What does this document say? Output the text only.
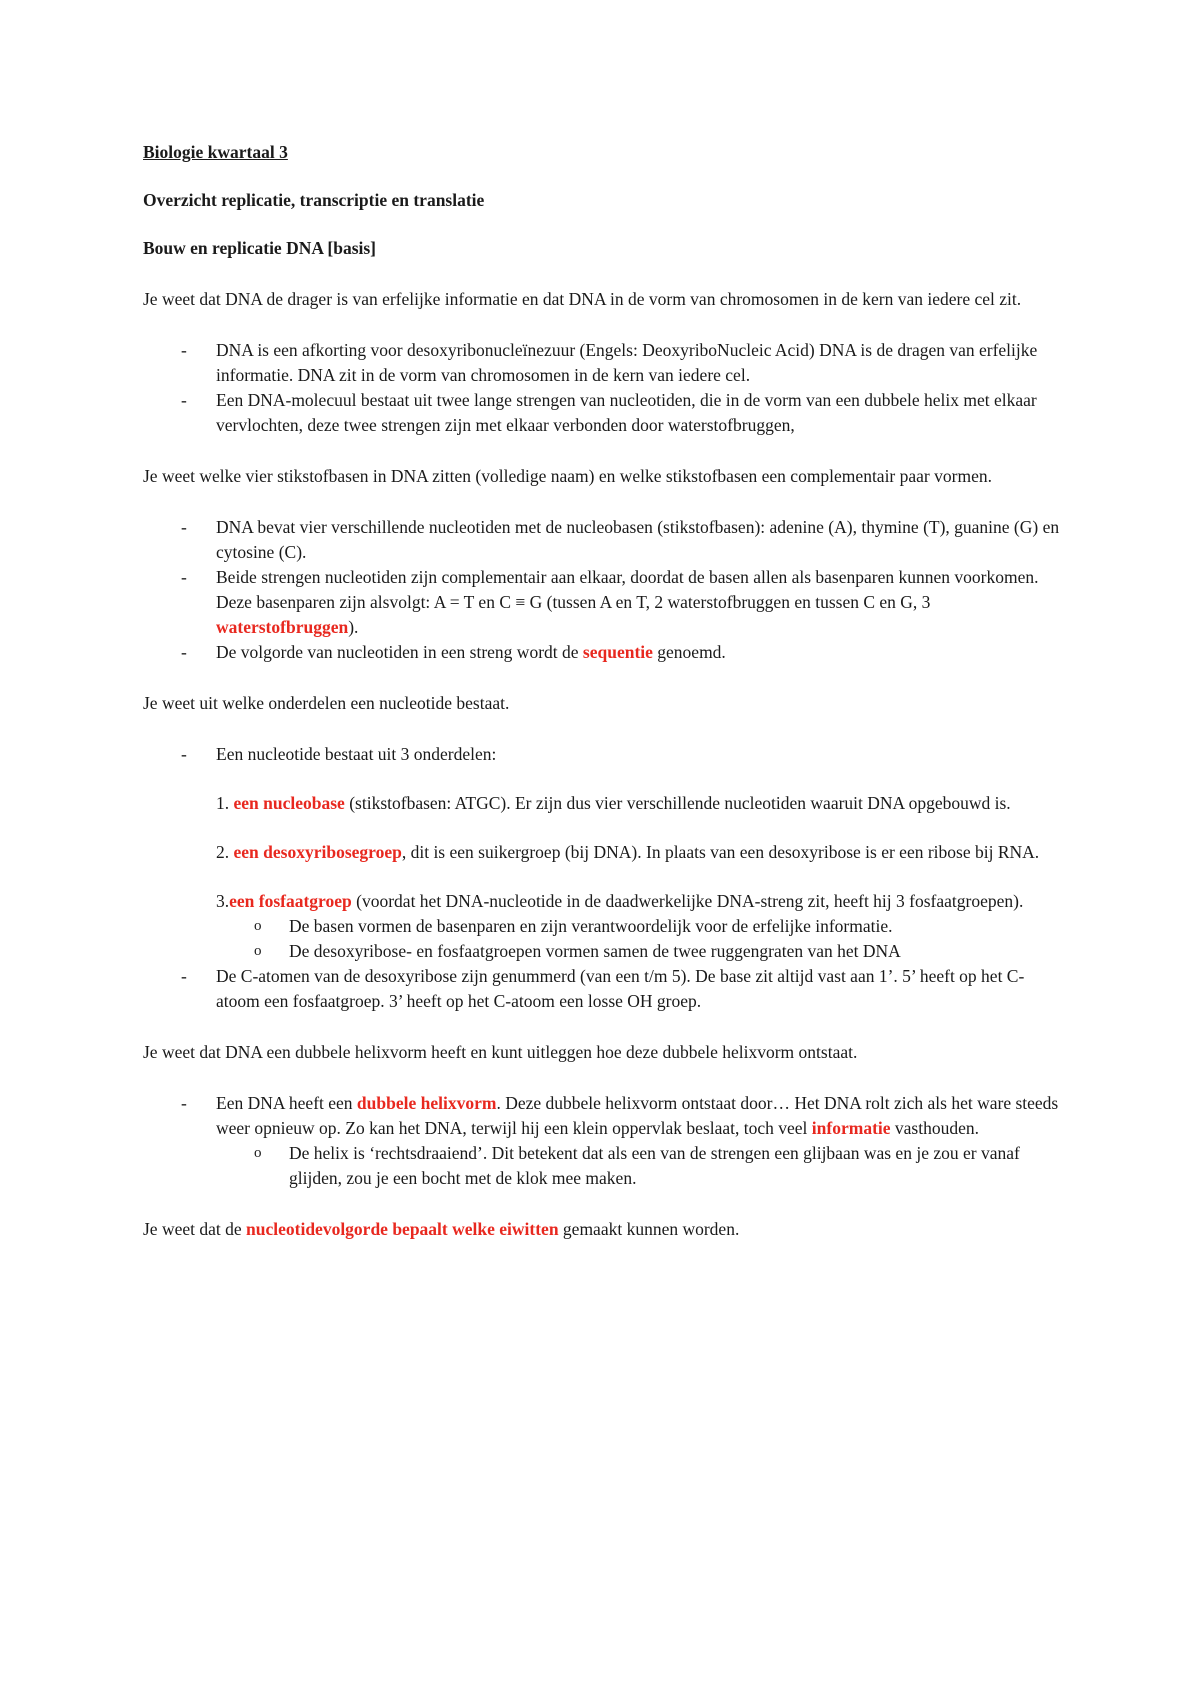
Biologie kwartaal 3

Overzicht replicatie, transcriptie en translatie

Bouw en replicatie DNA [basis]

Je weet dat DNA de drager is van erfelijke informatie en dat DNA in de vorm van chromosomen in de kern van iedere cel zit.

- DNA is een afkorting voor desoxyribonucleïnezuur (Engels: DeoxyriboNucleic Acid) DNA is de dragen van erfelijke informatie. DNA zit in de vorm van chromosomen in de kern van iedere cel.
- Een DNA-molecuul bestaat uit twee lange strengen van nucleotiden, die in de vorm van een dubbele helix met elkaar vervlochten, deze twee strengen zijn met elkaar verbonden door waterstofbruggen,

Je weet welke vier stikstofbasen in DNA zitten (volledige naam) en welke stikstofbasen een complementair paar vormen.

- DNA bevat vier verschillende nucleotiden met de nucleobasen (stikstofbasen): adenine (A), thymine (T), guanine (G) en cytosine (C).
- Beide strengen nucleotiden zijn complementair aan elkaar, doordat de basen allen als basenparen kunnen voorkomen. Deze basenparen zijn alsvolgt: A = T en C ≡ G (tussen A en T, 2 waterstofbruggen en tussen C en G, 3 waterstofbruggen).
- De volgorde van nucleotiden in een streng wordt de sequentie genoemd.

Je weet uit welke onderdelen een nucleotide bestaat.

- Een nucleotide bestaat uit 3 onderdelen:

1. een nucleobase (stikstofbasen: ATGC). Er zijn dus vier verschillende nucleotiden waaruit DNA opgebouwd is.

2. een desoxyribosegroep, dit is een suikergroep (bij DNA). In plaats van een desoxyribose is er een ribose bij RNA.

3.een fosfaatgroep (voordat het DNA-nucleotide in de daadwerkelijke DNA-streng zit, heeft hij 3 fosfaatgroepen).

o	De basen vormen de basenparen en zijn verantwoordelijk voor de erfelijke informatie.
o	De desoxyribose- en fosfaatgroepen vormen samen de twee ruggengraten van het DNA
- De C-atomen van de desoxyribose zijn genummerd (van een t/m 5). De base zit altijd vast aan 1’. 5’ heeft op het C-atoom een fosfaatgroep. 3’ heeft op het C-atoom een losse OH groep.

Je weet dat DNA een dubbele helixvorm heeft en kunt uitleggen hoe deze dubbele helixvorm ontstaat.

- Een DNA heeft een dubbele helixvorm. Deze dubbele helixvorm ontstaat door… Het DNA rolt zich als het ware steeds weer opnieuw op. Zo kan het DNA, terwijl hij een klein oppervlak beslaat, toch veel informatie vasthouden.
o	De helix is ‘rechtsdraaiend’. Dit betekent dat als een van de strengen een glijbaan was en je zou er vanaf glijden, zou je een bocht met de klok mee maken.

Je weet dat de nucleotidevolgorde bepaalt welke eiwitten gemaakt kunnen worden.
